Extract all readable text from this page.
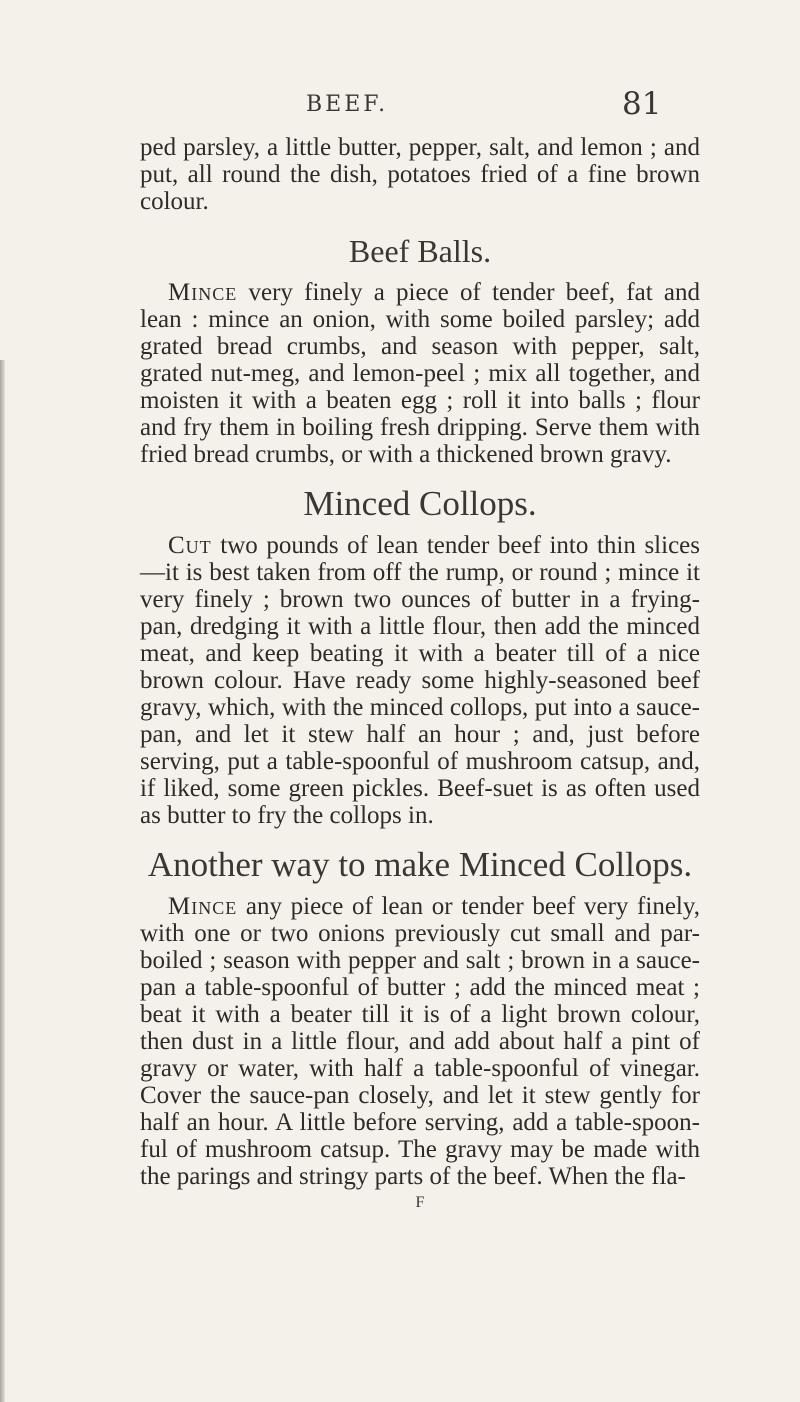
BEEF.	81

ped parsley, a little butter, pepper, salt, and lemon ; and put, all round the dish, potatoes fried of a fine brown colour.

Beef Balls.

Mince very finely a piece of tender beef, fat and lean : mince an onion, with some boiled parsley; add grated bread crumbs, and season with pepper, salt, grated nut-meg, and lemon-peel ; mix all together, and moisten it with a beaten egg ; roll it into balls ; flour and fry them in boiling fresh dripping. Serve them with fried bread crumbs, or with a thickened brown gravy.

Minced Collops.

Cut two pounds of lean tender beef into thin slices—it is best taken from off the rump, or round ; mince it very finely ; brown two ounces of butter in a frying-pan, dredging it with a little flour, then add the minced meat, and keep beating it with a beater till of a nice brown colour. Have ready some highly-seasoned beef gravy, which, with the minced collops, put into a sauce-pan, and let it stew half an hour ; and, just before serving, put a table-spoonful of mushroom catsup, and, if liked, some green pickles. Beef-suet is as often used as butter to fry the collops in.

Another way to make Minced Collops.

Mince any piece of lean or tender beef very finely, with one or two onions previously cut small and par-boiled ; season with pepper and salt ; brown in a sauce-pan a table-spoonful of butter ; add the minced meat ; beat it with a beater till it is of a light brown colour, then dust in a little flour, and add about half a pint of gravy or water, with half a table-spoonful of vinegar. Cover the sauce-pan closely, and let it stew gently for half an hour. A little before serving, add a table-spoon-ful of mushroom catsup. The gravy may be made with the parings and stringy parts of the beef. When the fla-

F
